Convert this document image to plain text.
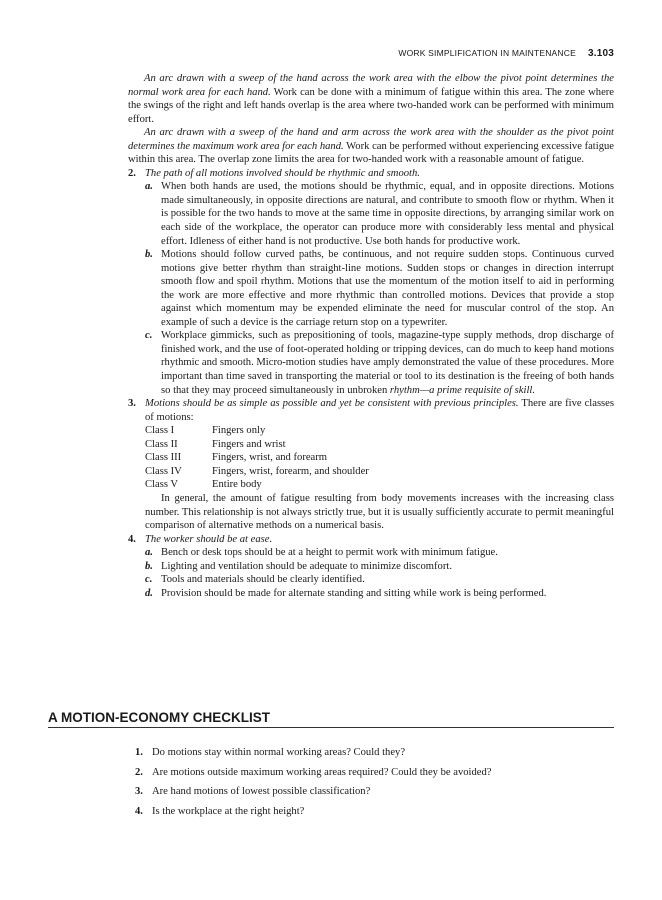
WORK SIMPLIFICATION IN MAINTENANCE 3.103

An arc drawn with a sweep of the hand across the work area with the elbow the pivot point determines the normal work area for each hand. Work can be done with a minimum of fatigue within this area. The zone where the swings of the right and left hands overlap is the area where two-handed work can be performed with minimum effort.

An arc drawn with a sweep of the hand and arm across the work area with the shoulder as the pivot point determines the maximum work area for each hand. Work can be performed without experiencing excessive fatigue within this area. The overlap zone limits the area for two-handed work with a reasonable amount of fatigue.

2. The path of all motions involved should be rhythmic and smooth.
a. When both hands are used, the motions should be rhythmic, equal, and in opposite directions. Motions made simultaneously, in opposite directions are natural, and contribute to smooth flow or rhythm. When it is possible for the two hands to move at the same time in opposite directions, by arranging similar work on each side of the workplace, the operator can produce more with considerably less mental and physical effort. Idleness of either hand is not productive. Use both hands for productive work.
b. Motions should follow curved paths, be continuous, and not require sudden stops. Continuous curved motions give better rhythm than straight-line motions. Sudden stops or changes in direction interrupt smooth flow and spoil rhythm. Motions that use the momentum of the motion itself to aid in performing the work are more effective and more rhythmic than controlled motions. Devices that provide a stop against which momentum may be expended eliminate the need for muscular control of the stop. An example of such a device is the carriage return stop on a typewriter.
c. Workplace gimmicks, such as prepositioning of tools, magazine-type supply methods, drop discharge of finished work, and the use of foot-operated holding or tripping devices, can do much to keep hand motions rhythmic and smooth. Micro-motion studies have amply demonstrated the value of these procedures. More important than time saved in transporting the material or tool to its destination is the freeing of both hands so that they may proceed simultaneously in unbroken rhythm—a prime requisite of skill.
3. Motions should be as simple as possible and yet be consistent with previous principles. There are five classes of motions:
Class I	Fingers only
Class II	Fingers and wrist
Class III	Fingers, wrist, and forearm
Class IV	Fingers, wrist, forearm, and shoulder
Class V	Entire body

In general, the amount of fatigue resulting from body movements increases with the increasing class number. This relationship is not always strictly true, but it is usually sufficiently accurate to permit meaningful comparison of alternative methods on a numerical basis.

4. The worker should be at ease.
a. Bench or desk tops should be at a height to permit work with minimum fatigue.
b. Lighting and ventilation should be adequate to minimize discomfort.
c. Tools and materials should be clearly identified.
d. Provision should be made for alternate standing and sitting while work is being performed.
A MOTION-ECONOMY CHECKLIST
1. Do motions stay within normal working areas? Could they?
2. Are motions outside maximum working areas required? Could they be avoided?
3. Are hand motions of lowest possible classification?
4. Is the workplace at the right height?
